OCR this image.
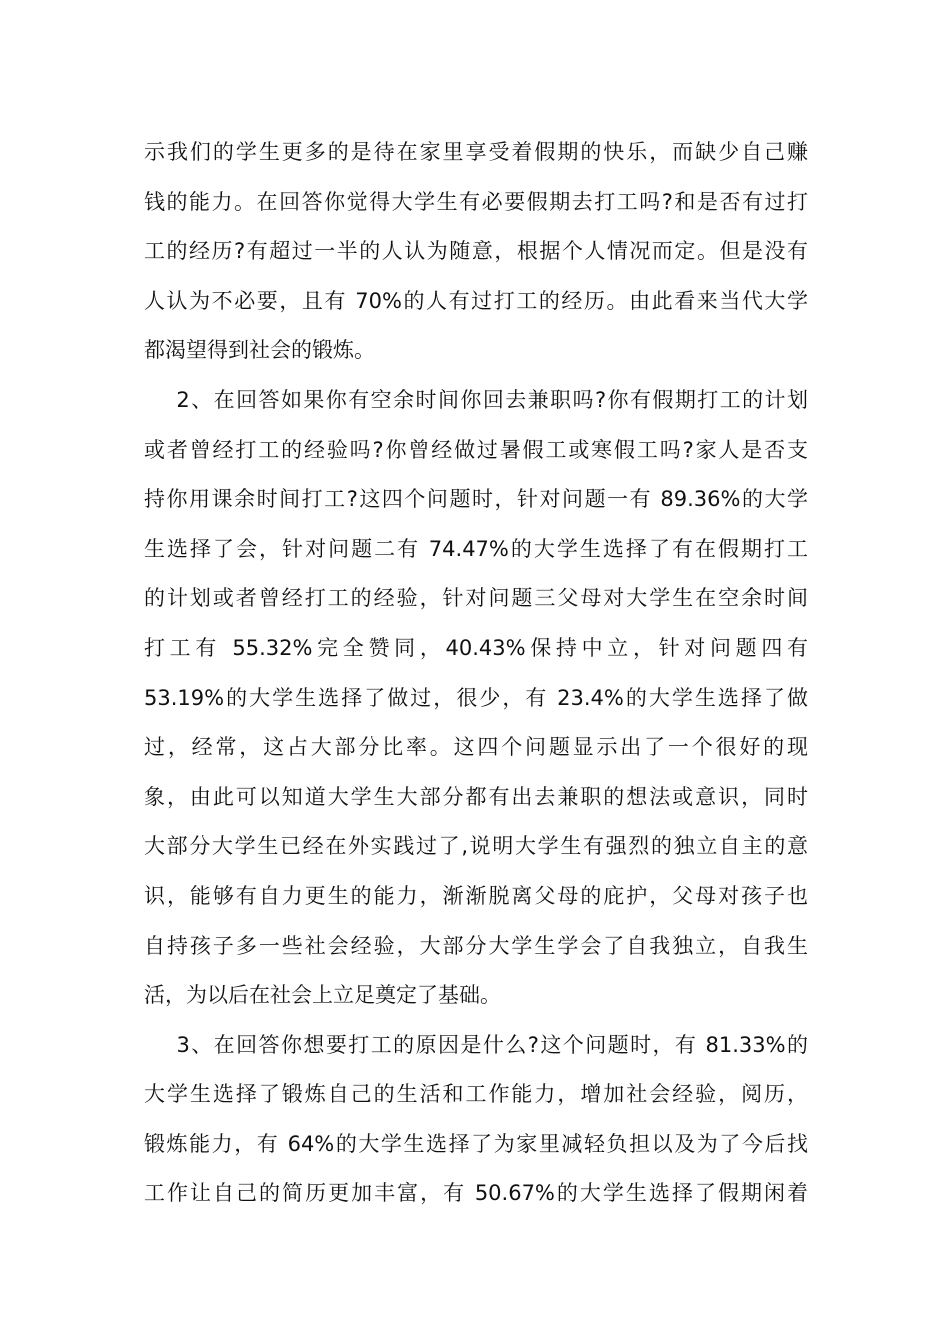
示我们的学生更多的是待在家里享受着假期的快乐，而缺少自己赚
钱的能力。在回答你觉得大学生有必要假期去打工吗?和是否有过打
工的经历?有超过一半的人认为随意，根据个人情况而定。但是没有
人认为不必要，且有 70%的人有过打工的经历。由此看来当代大学
都渴望得到社会的锻炼。
2、在回答如果你有空余时间你回去兼职吗?你有假期打工的计划
或者曾经打工的经验吗?你曾经做过暑假工或寒假工吗?家人是否支
持你用课余时间打工?这四个问题时，针对问题一有 89.36%的大学
生选择了会，针对问题二有 74.47%的大学生选择了有在假期打工
的计划或者曾经打工的经验，针对问题三父母对大学生在空余时间
打工有 55.32%完全赞同，40.43%保持中立，针对问题四有
53.19%的大学生选择了做过，很少，有 23.4%的大学生选择了做
过，经常，这占大部分比率。这四个问题显示出了一个很好的现
象，由此可以知道大学生大部分都有出去兼职的想法或意识，同时
大部分大学生已经在外实践过了,说明大学生有强烈的独立自主的意
识，能够有自力更生的能力，渐渐脱离父母的庇护，父母对孩子也
自持孩子多一些社会经验，大部分大学生学会了自我独立，自我生
活，为以后在社会上立足奠定了基础。
3、在回答你想要打工的原因是什么?这个问题时，有 81.33%的
大学生选择了锻炼自己的生活和工作能力，增加社会经验，阅历，
锻炼能力，有 64%的大学生选择了为家里减轻负担以及为了今后找
工作让自己的简历更加丰富，有 50.67%的大学生选择了假期闲着
